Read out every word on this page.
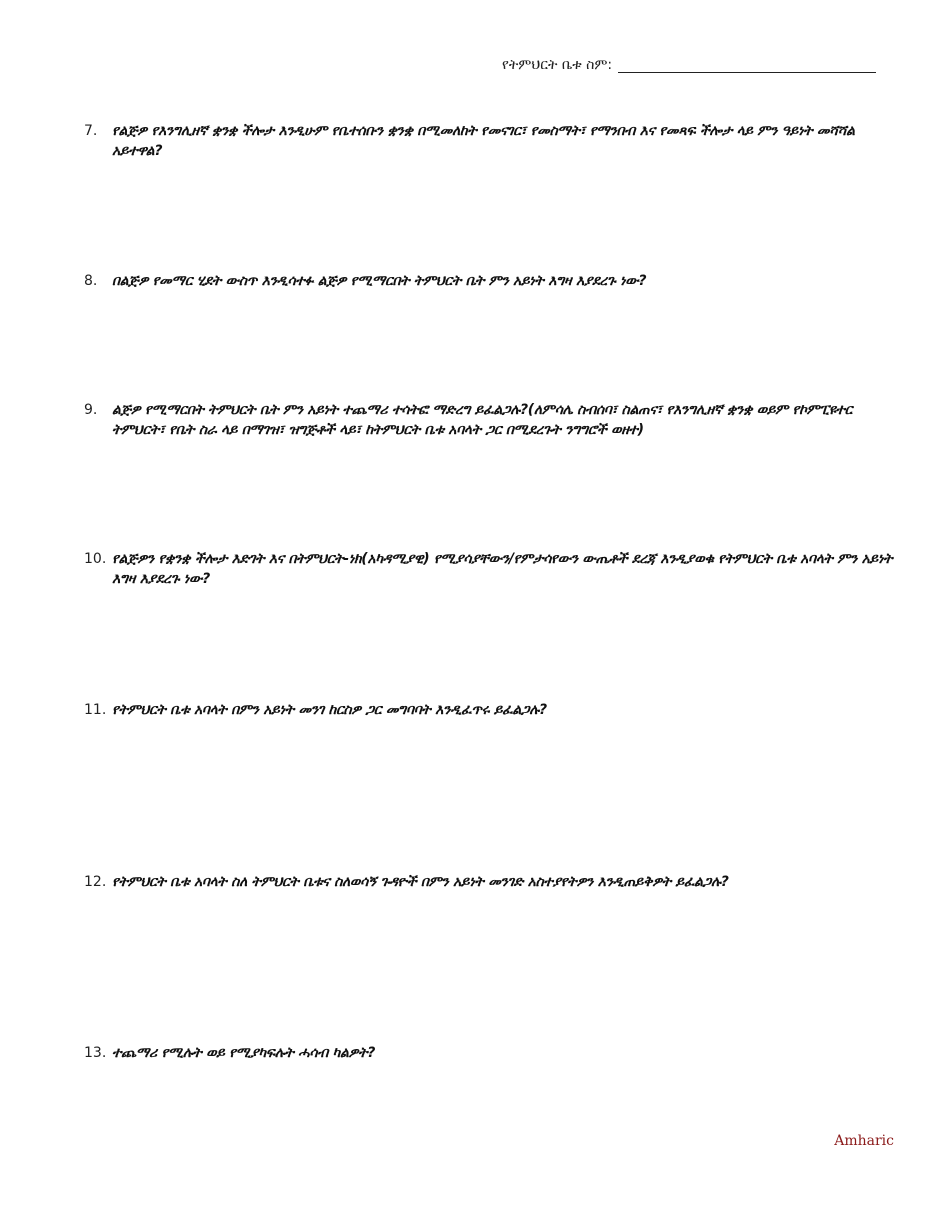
የትምህርት ቤቱ ስም:
7.	የልጅዎ የእንግሊዘኛ ቋንቋ ችሎታ እንዲሁም የቤተሰቡን ቋንቋ በሚመለከት የመናገር፣ የመስማት፣ የማንበብ እና የመጻፍ ችሎታ ላይ ምን ዓይነት መሻሻል አይተዋል?
8.	በልጅዎ የመማር ሂደት ውስጥ እንዲሳተፉ ልጅዎ የሚማርበት ትምህርት ቤት ምን አይነት እግዛ እያደረጉ ነው?
9.	ልጅዎ የሚማርበት ትምህርት ቤት ምን አይነት ተጨማሪ ተሳትፎ ማድረግ ይፈልጋሉ?(ለምሳሌ ስብሰባ፣ ስልጠና፣ የእንግሊዘኛ ቋንቋ ወይም የኮምፒዩተር ትምህርት፣ የቤት ስራ ላይ በማገዝ፣ ዝግጅቶች ላይ፣ ከትምህርት ቤቱ አባላት ጋር በሚደረጉት ንግግሮች ወዘተ)
10. የልጅዎን የቋንቋ ችሎታ እድገት እና በትምህርት-ነክ(አካዳሚያዊ) የሚያሳያቸውን/የምታሳየውን ውጤቶች ደረጃ እንዲያወቁ የትምህርት ቤቱ አባላት ምን አይነት እግዛ እያደረጉ ነው?
11. የትምህርት ቤቱ አባላት በምን አይነት መንገ ከርስዎ ጋር መግባባት እንዲፈጥሩ ይፈልጋሉ?
12. የትምህርት ቤቱ አባላት ስለ ትምህርት ቤቱና ስለወሳኝ ጉዳዮች በምን አይነት መንገድ አስተያየትዎን እንዲጠይቅዎት ይፈልጋሉ?
13. ተጨማሪ የሚሉት ወይ የሚያካፍሉት ሓሳብ ካልዎት?
Amharic
